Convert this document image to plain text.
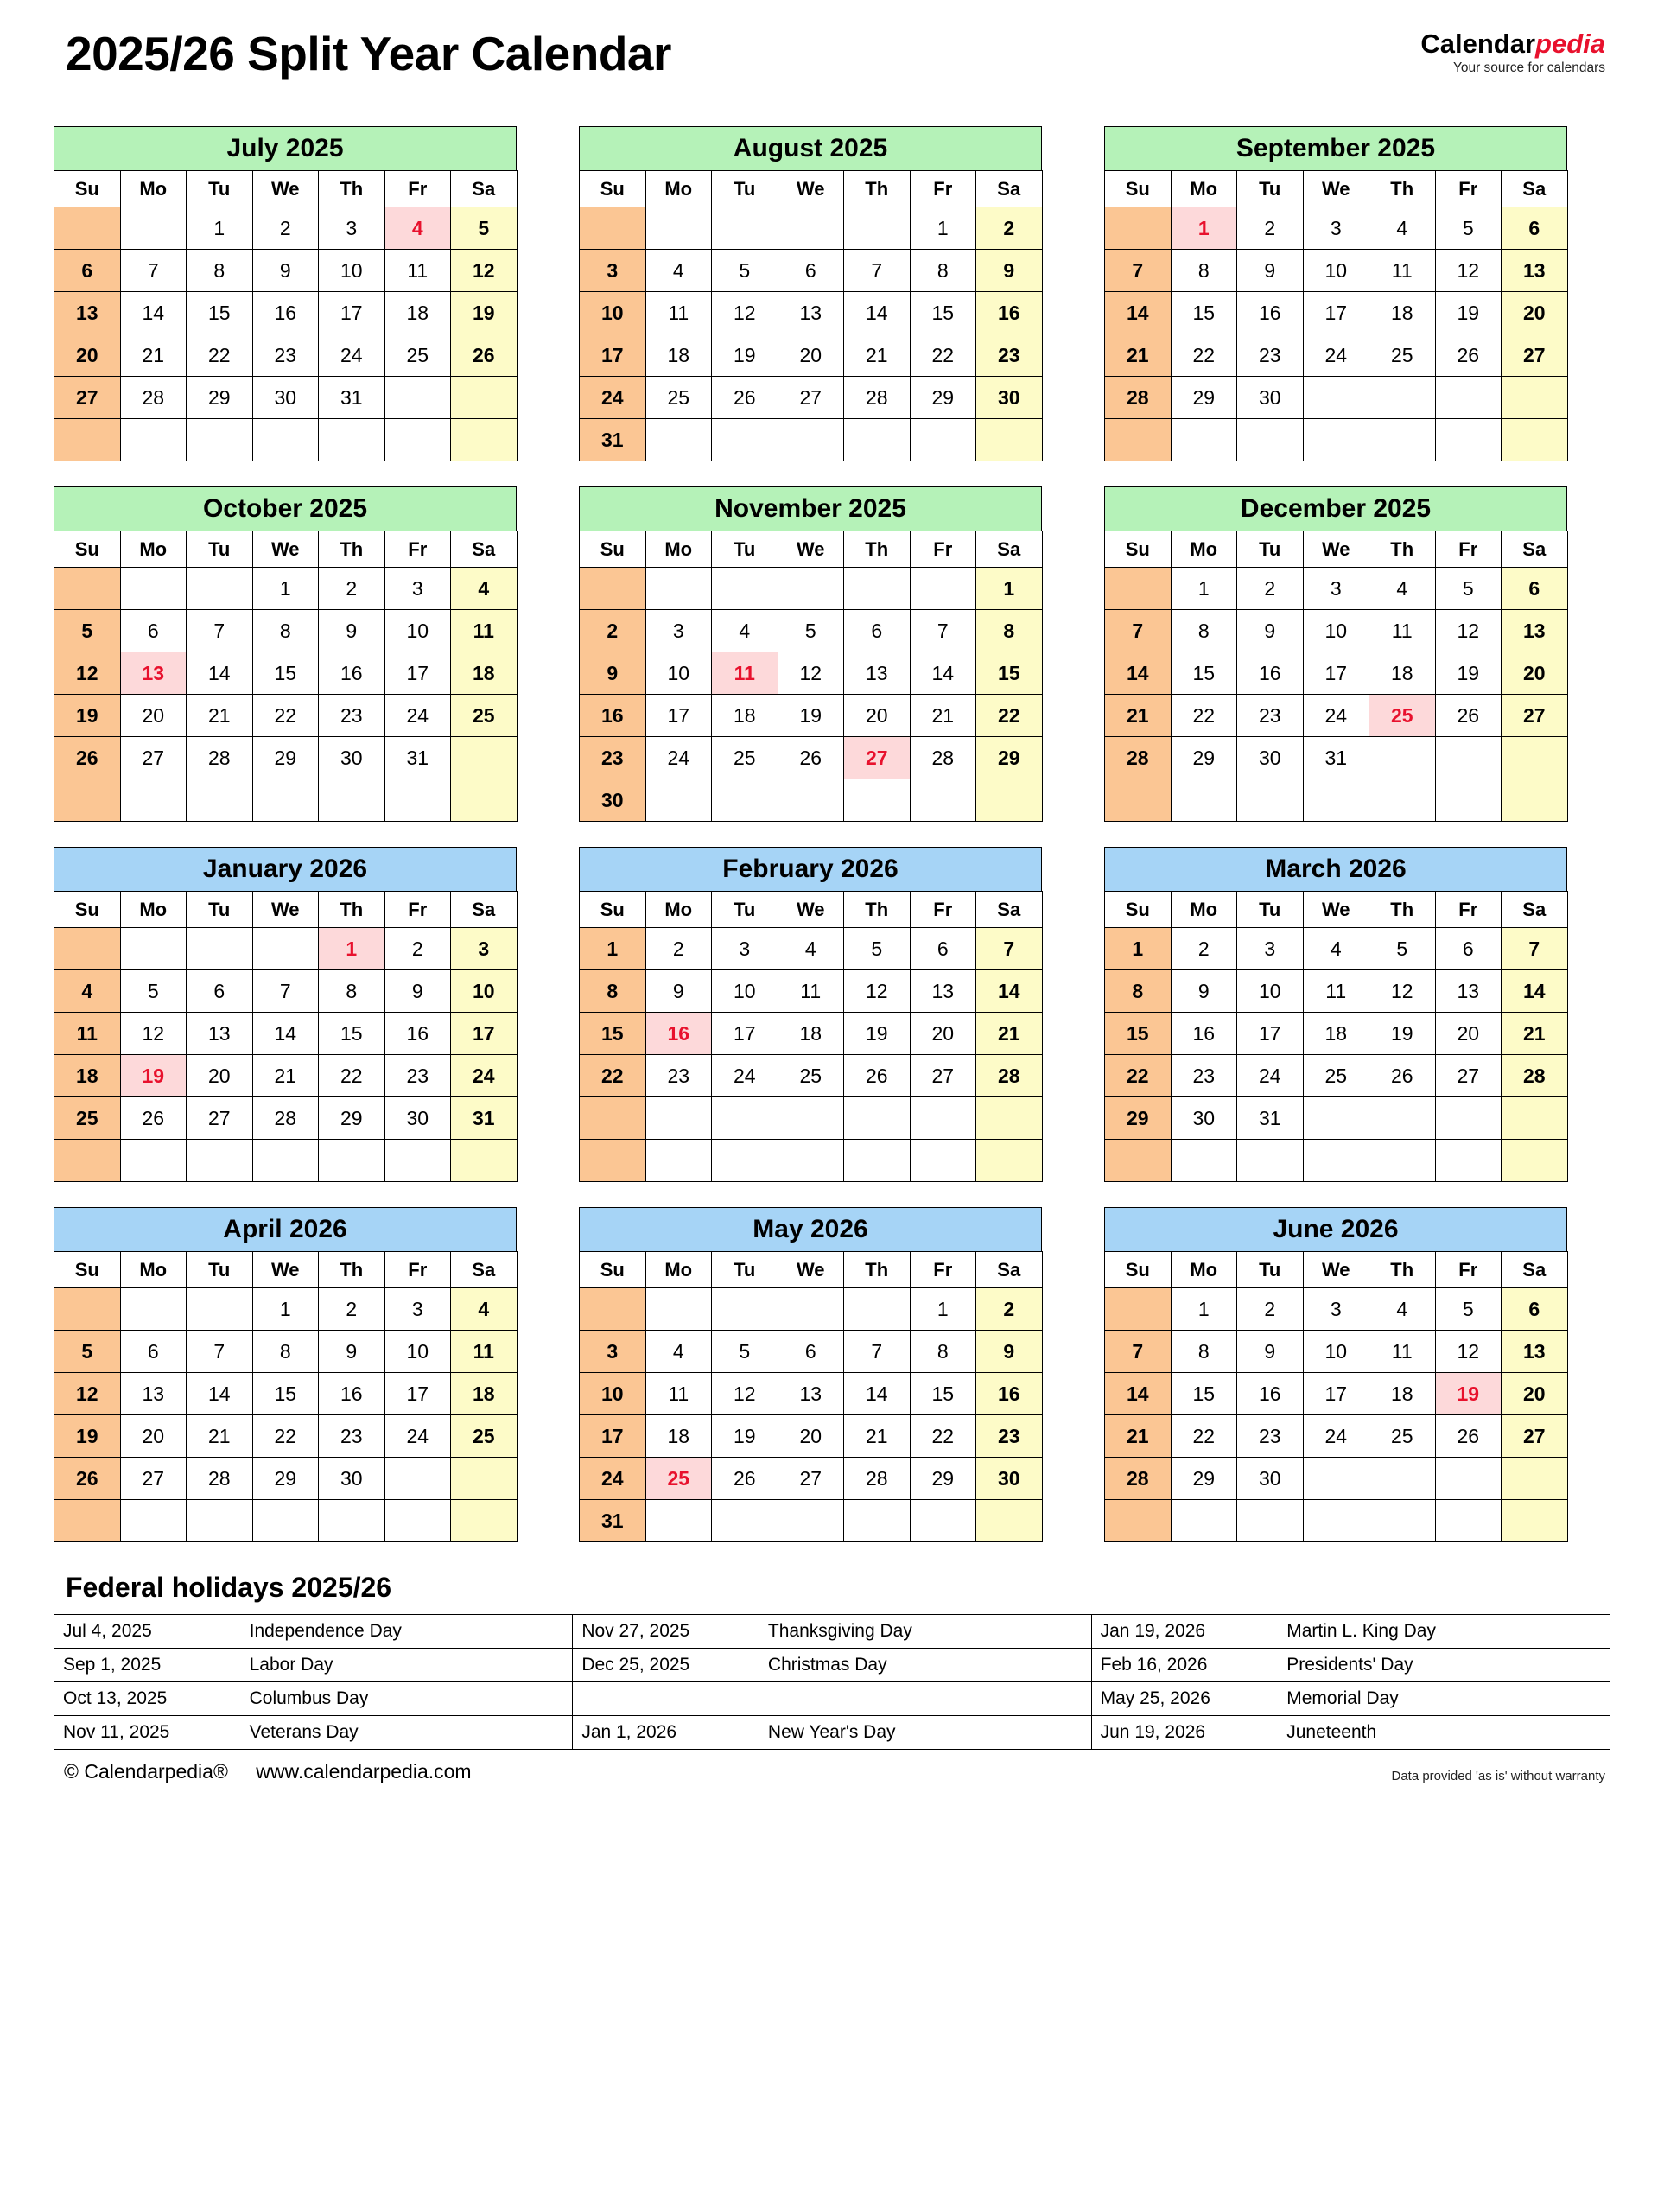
2025/26 Split Year Calendar	Calendarpedia
Your source for calendars
July 2025
Su	Mo	Tu	We	Th	Fr	Sa
		1	2	3	4	5
6	7	8	9	10	11	12
13	14	15	16	17	18	19
20	21	22	23	24	25	26
27	28	29	30	31		

August 2025
Su	Mo	Tu	We	Th	Fr	Sa
					1	2
3	4	5	6	7	8	9
10	11	12	13	14	15	16
17	18	19	20	21	22	23
24	25	26	27	28	29	30
31						
September 2025
Su	Mo	Tu	We	Th	Fr	Sa
	1	2	3	4	5	6
7	8	9	10	11	12	13
14	15	16	17	18	19	20
21	22	23	24	25	26	27
28	29	30				

October 2025
Su	Mo	Tu	We	Th	Fr	Sa
			1	2	3	4
5	6	7	8	9	10	11
12	13	14	15	16	17	18
19	20	21	22	23	24	25
26	27	28	29	30	31	

November 2025
Su	Mo	Tu	We	Th	Fr	Sa
						1
2	3	4	5	6	7	8
9	10	11	12	13	14	15
16	17	18	19	20	21	22
23	24	25	26	27	28	29
30						
December 2025
Su	Mo	Tu	We	Th	Fr	Sa
	1	2	3	4	5	6
7	8	9	10	11	12	13
14	15	16	17	18	19	20
21	22	23	24	25	26	27
28	29	30	31			

January 2026
Su	Mo	Tu	We	Th	Fr	Sa
				1	2	3
4	5	6	7	8	9	10
11	12	13	14	15	16	17
18	19	20	21	22	23	24
25	26	27	28	29	30	31

February 2026
Su	Mo	Tu	We	Th	Fr	Sa
1	2	3	4	5	6	7
8	9	10	11	12	13	14
15	16	17	18	19	20	21
22	23	24	25	26	27	28

March 2026
Su	Mo	Tu	We	Th	Fr	Sa
1	2	3	4	5	6	7
8	9	10	11	12	13	14
15	16	17	18	19	20	21
22	23	24	25	26	27	28
29	30	31				

April 2026
Su	Mo	Tu	We	Th	Fr	Sa
			1	2	3	4
5	6	7	8	9	10	11
12	13	14	15	16	17	18
19	20	21	22	23	24	25
26	27	28	29	30		

May 2026
Su	Mo	Tu	We	Th	Fr	Sa
					1	2
3	4	5	6	7	8	9
10	11	12	13	14	15	16
17	18	19	20	21	22	23
24	25	26	27	28	29	30
31						
June 2026
Su	Mo	Tu	We	Th	Fr	Sa
	1	2	3	4	5	6
7	8	9	10	11	12	13
14	15	16	17	18	19	20
21	22	23	24	25	26	27
28	29	30				

Federal holidays 2025/26
Jul 4, 2025	Independence Day	Nov 27, 2025	Thanksgiving Day	Jan 19, 2026	Martin L. King Day
Sep 1, 2025	Labor Day	Dec 25, 2025	Christmas Day	Feb 16, 2026	Presidents' Day
Oct 13, 2025	Columbus Day			May 25, 2026	Memorial Day
Nov 11, 2025	Veterans Day	Jan 1, 2026	New Year's Day	Jun 19, 2026	Juneteenth
© Calendarpedia® www.calendarpedia.com	Data provided 'as is' without warranty
